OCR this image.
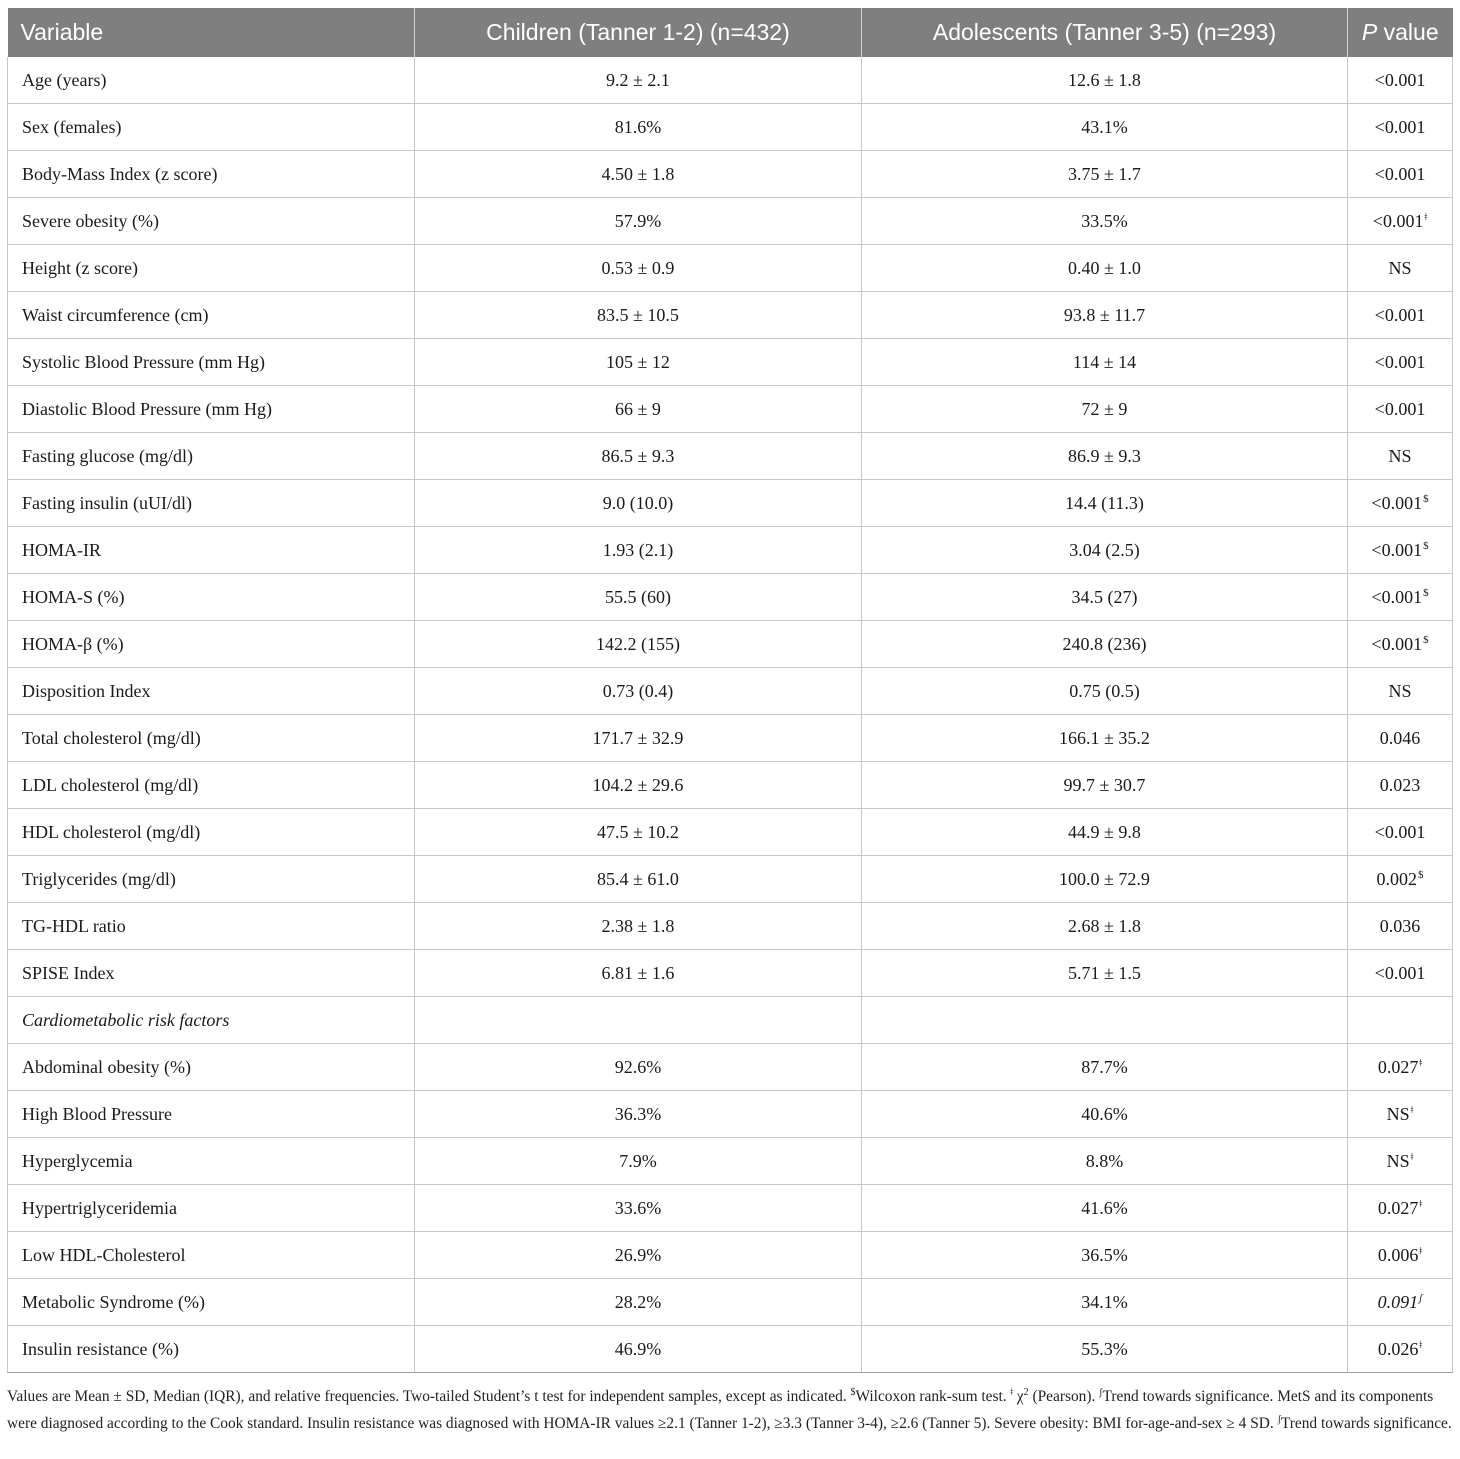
Variable	Children (Tanner 1-2) (n=432)	Adolescents (Tanner 3-5) (n=293)	P value
Age (years)	9.2 ± 2.1	12.6 ± 1.8	<0.001
Sex (females)	81.6%	43.1%	<0.001
Body-Mass Index (z score)	4.50 ± 1.8	3.75 ± 1.7	<0.001
Severe obesity (%)	57.9%	33.5%	$<0.001^ǂ$
Height (z score)	0.53 ± 0.9	0.40 ± 1.0	NS
Waist circumference (cm)	83.5 ± 10.5	93.8 ± 11.7	<0.001
Systolic Blood Pressure (mm Hg)	105 ± 12	114 ± 14	<0.001
Diastolic Blood Pressure (mm Hg)	66 ± 9	72 ± 9	<0.001
Fasting glucose (mg/dl)	86.5 ± 9.3	86.9 ± 9.3	NS
Fasting insulin (uUI/dl)	9.0 (10.0)	14.4 (11.3)	<0.001$
HOMA-IR	1.93 (2.1)	3.04 (2.5)	<0.001$
HOMA-S (%)	55.5 (60)	34.5 (27)	<0.001$
HOMA-β (%)	142.2 (155)	240.8 (236)	<0.001$
Disposition Index	0.73 (0.4)	0.75 (0.5)	NS
Total cholesterol (mg/dl)	171.7 ± 32.9	166.1 ± 35.2	0.046
LDL cholesterol (mg/dl)	104.2 ± 29.6	99.7 ± 30.7	0.023
HDL cholesterol (mg/dl)	47.5 ± 10.2	44.9 ± 9.8	<0.001
Triglycerides (mg/dl)	85.4 ± 61.0	100.0 ± 72.9	0.002$
TG-HDL ratio	2.38 ± 1.8	2.68 ± 1.8	0.036
SPISE Index	6.81 ± 1.6	5.71 ± 1.5	<0.001
Cardiometabolic risk factors			
Abdominal obesity (%)	92.6%	87.7%	$0.027^ǂ$
High Blood Pressure	36.3%	40.6%	$NS^ǂ$
Hyperglycemia	7.9%	8.8%	$NS^ǂ$
Hypertriglyceridemia	33.6%	41.6%	$0.027^ǂ$
Low HDL-Cholesterol	26.9%	36.5%	$0.006^ǂ$
Metabolic Syndrome (%)	28.2%	34.1%	$0.091^ʃ$
Insulin resistance (%)	46.9%	55.3%	$0.026^ǂ$
Values are Mean ± SD, Median (IQR), and relative frequencies. Two-tailed Student’s t test for independent samples, except as indicated. $Wilcoxon rank-sum test. $^ǂ$ $\chi^2$ (Pearson). $^ʃ$Trend towards significance. MetS and its components were diagnosed according to the Cook standard. Insulin resistance was diagnosed with HOMA-IR values ≥2.1 (Tanner 1-2), ≥3.3 (Tanner 3-4), ≥2.6 (Tanner 5). Severe obesity: BMI for-age-and-sex ≥ 4 SD. $^ʃ$Trend towards significance.
